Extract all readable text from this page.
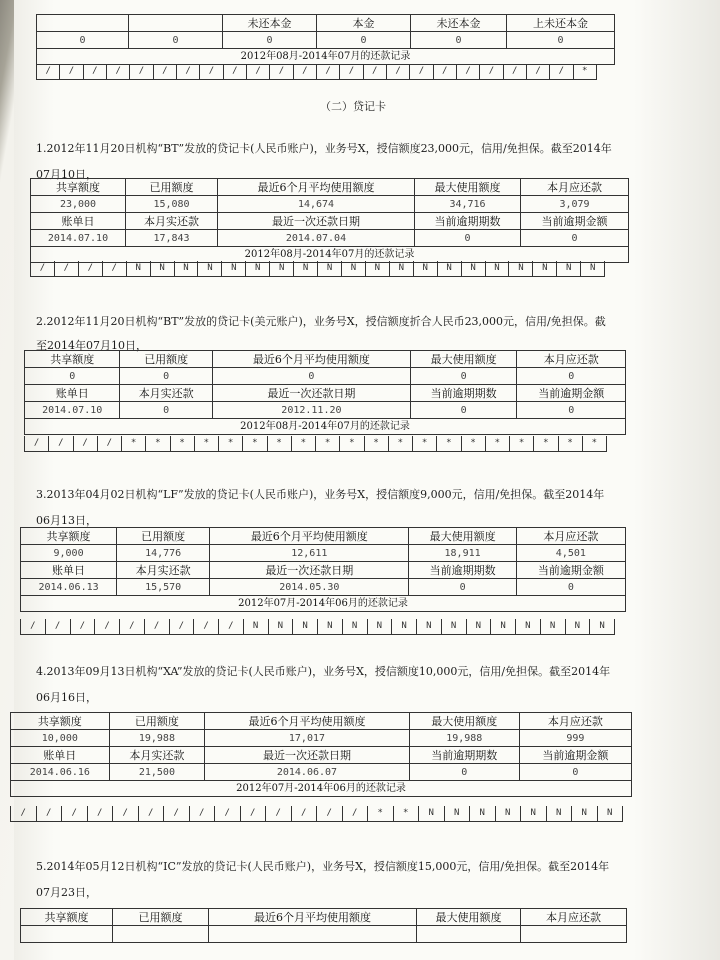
		未还本金	本金	未还本金	上未还本金
0	0	0	0	0	0
2012年08月-2014年07月的还款记录					
/	/	/	/	/	/	/	/	/	/	/	/	/	/	/	/	/	/	/	/	/	/	/	*
（二）贷记卡
1.2012年11月20日机构“BT”发放的贷记卡(人民币账户)，业务号X，授信额度23,000元，信用/免担保。截至2014年
07月10日，
共享额度	已用额度	最近6个月平均使用额度	最大使用额度	本月应还款
23,000	15,080	14,674	34,716	3,079
账单日	本月实还款	最近一次还款日期	当前逾期期数	当前逾期金额
2014.07.10	17,843	2014.07.04	0	0
2012年08月-2014年07月的还款记录				
/	/	/	/	N	N	N	N	N	N	N	N	N	N	N	N	N	N	N	N	N	N	N	N
2.2012年11月20日机构“BT”发放的贷记卡(美元账户)，业务号X，授信额度折合人民币23,000元，信用/免担保。截
至2014年07月10日，
共享额度	已用额度	最近6个月平均使用额度	最大使用额度	本月应还款
0	0	0	0	0
账单日	本月实还款	最近一次还款日期	当前逾期期数	当前逾期金额
2014.07.10	0	2012.11.20	0	0
2012年08月-2014年07月的还款记录				
/	/	/	/	*	*	*	*	*	*	*	*	*	*	*	*	*	*	*	*	*	*	*	*
3.2013年04月02日机构“LF”发放的贷记卡(人民币账户)，业务号X，授信额度9,000元，信用/免担保。截至2014年
06月13日，
共享额度	已用额度	最近6个月平均使用额度	最大使用额度	本月应还款
9,000	14,776	12,611	18,911	4,501
账单日	本月实还款	最近一次还款日期	当前逾期期数	当前逾期金额
2014.06.13	15,570	2014.05.30	0	0
2012年07月-2014年06月的还款记录				
/	/	/	/	/	/	/	/	/	N	N	N	N	N	N	N	N	N	N	N	N	N	N	N
4.2013年09月13日机构“XA”发放的贷记卡(人民币账户)，业务号X，授信额度10,000元，信用/免担保。截至2014年
06月16日，
共享额度	已用额度	最近6个月平均使用额度	最大使用额度	本月应还款
10,000	19,988	17,017	19,988	999
账单日	本月实还款	最近一次还款日期	当前逾期期数	当前逾期金额
2014.06.16	21,500	2014.06.07	0	0
2012年07月-2014年06月的还款记录				
/	/	/	/	/	/	/	/	/	/	/	/	/	/	*	*	N	N	N	N	N	N	N	N
5.2014年05月12日机构“IC”发放的贷记卡(人民币账户)，业务号X，授信额度15,000元，信用/免担保。截至2014年
07月23日，
共享额度	已用额度	最近6个月平均使用额度	最大使用额度	本月应还款
